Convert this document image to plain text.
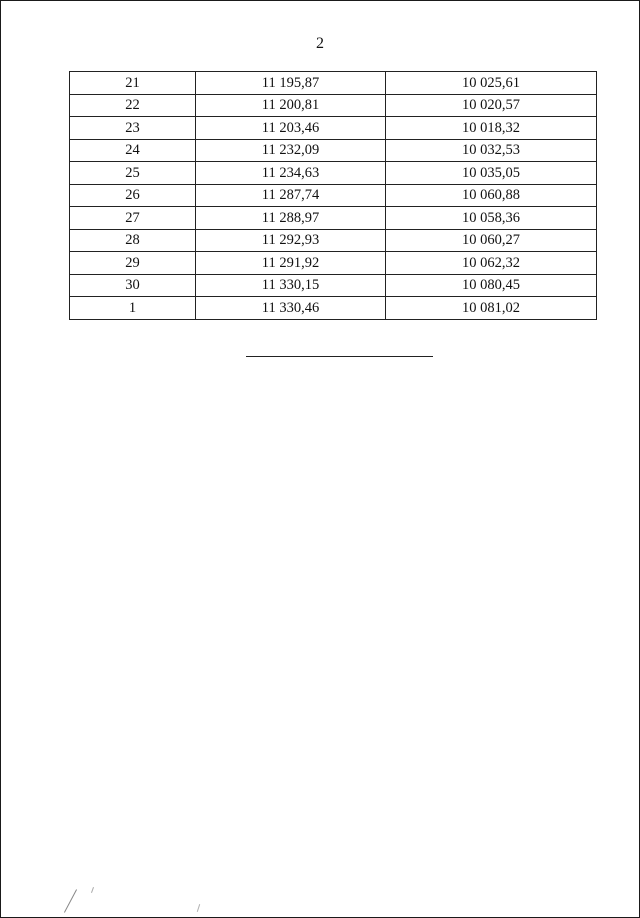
2
21	11 195,87	10 025,61
22	11 200,81	10 020,57
23	11 203,46	10 018,32
24	11 232,09	10 032,53
25	11 234,63	10 035,05
26	11 287,74	10 060,88
27	11 288,97	10 058,36
28	11 292,93	10 060,27
29	11 291,92	10 062,32
30	11 330,15	10 080,45
1	11 330,46	10 081,02
